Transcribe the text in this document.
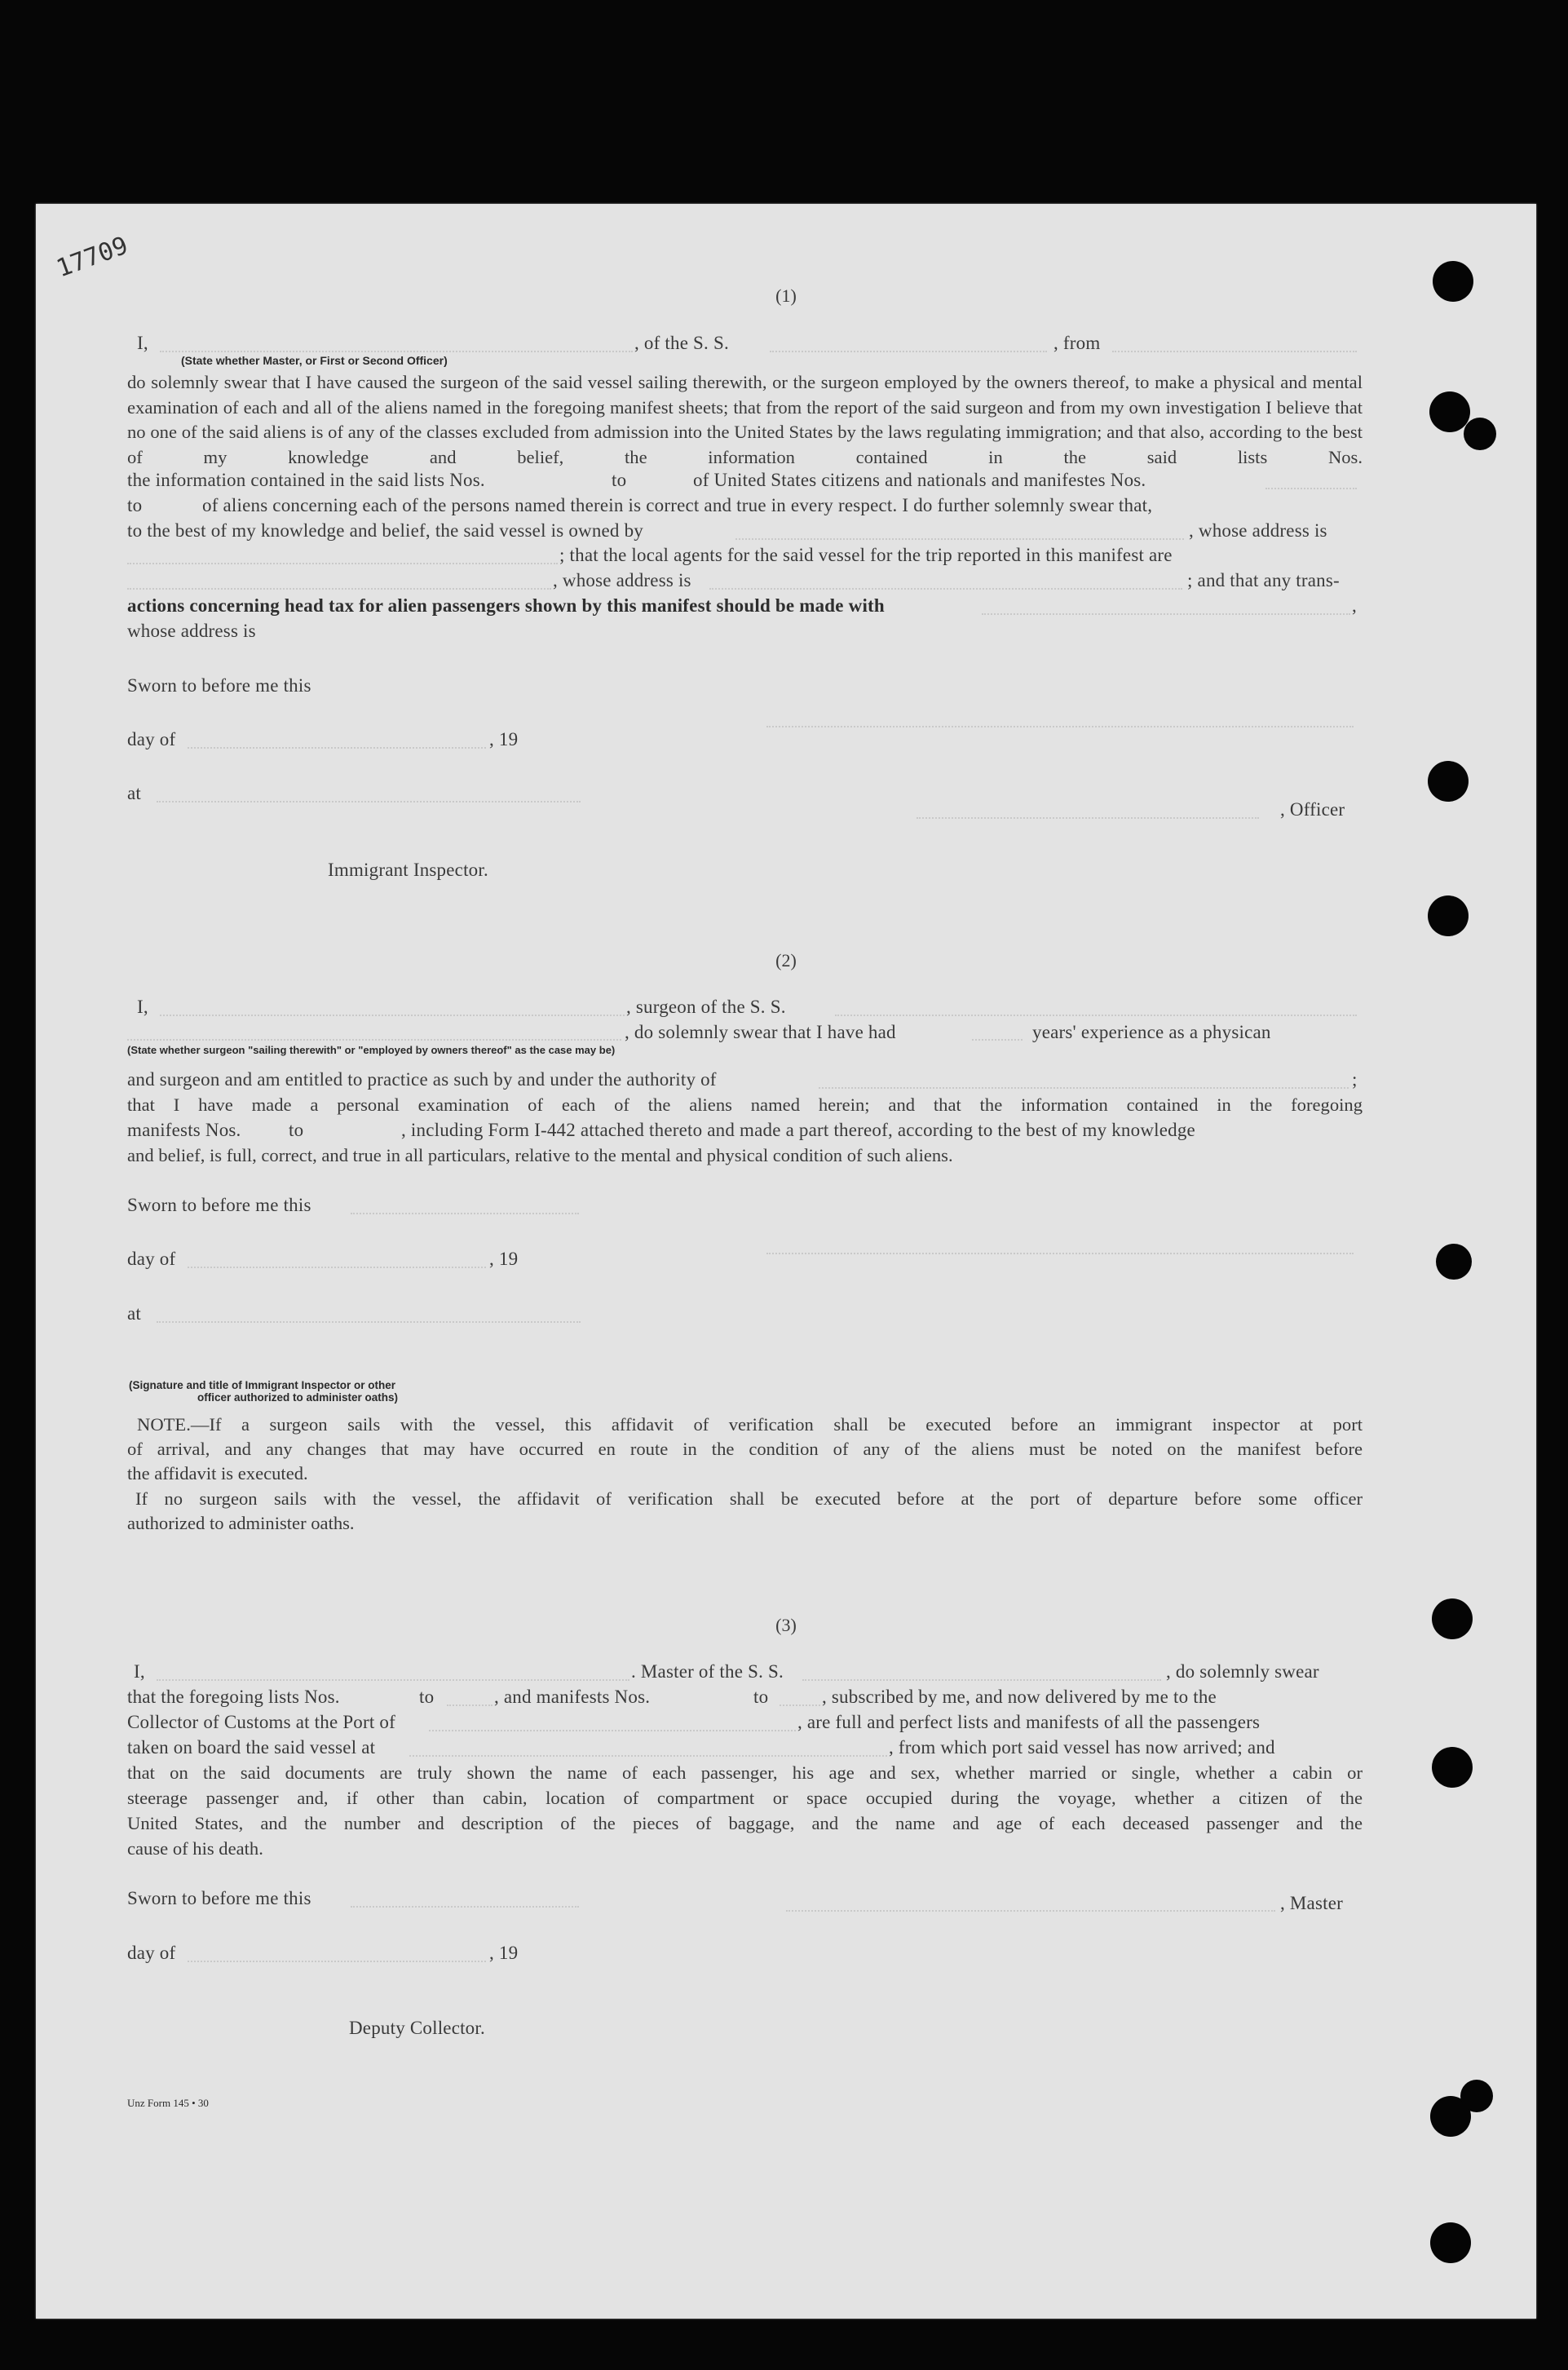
17709
(1)
I,	, of the S. S.	, from
(State whether Master, or First or Second Officer)
do solemnly swear that I have caused the surgeon of the said vessel sailing therewith, or the surgeon employed by the owners thereof, to make a physical and mental examination of each and all of the aliens named in the foregoing manifest sheets; that from the report of the said surgeon and from my own investigation I believe that no one of the said aliens is of any of the classes excluded from admission into the United States by the laws regulating immigration; and that also, according to the best of my knowledge and belief, the information contained in the said lists Nos.
the information contained in the said lists Nos.	to	of United States citizens and nationals and manifestes Nos.
to	of aliens concerning each of the persons named therein is correct and true in every respect. I do further solemnly swear that,
to the best of my knowledge and belief, the said vessel is owned by	, whose address is
; that the local agents for the said vessel for the trip reported in this manifest are
, whose address is	; and that any trans-
actions concerning head tax for alien passengers shown by this manifest should be made with	,
whose address is
Sworn to before me this
day of	, 19
at
, Officer
Immigrant Inspector.
(2)
I,	, surgeon of the S. S.
, do solemnly swear that I have had	years' experience as a physican
(State whether surgeon "sailing therewith" or "employed by owners thereof" as the case may be)
and surgeon and am entitled to practice as such by and under the authority of	;
that I have made a personal examination of each of the aliens named herein; and that the information contained in the foregoing
manifests Nos.	to	, including Form I-442 attached thereto and made a part thereof, according to the best of my knowledge
and belief, is full, correct, and true in all particulars, relative to the mental and physical condition of such aliens.
Sworn to before me this
day of	, 19
at
(Signature and title of Immigrant Inspector or other
officer authorized to administer oaths)
NOTE.—If a surgeon sails with the vessel, this affidavit of verification shall be executed before an immigrant inspector at port
of arrival, and any changes that may have occurred en route in the condition of any of the aliens must be noted on the manifest before
the affidavit is executed.
If no surgeon sails with the vessel, the affidavit of verification shall be executed before at the port of departure before some officer
authorized to administer oaths.
(3)
I,	. Master of the S. S.	, do solemnly swear
that the foregoing lists Nos.	to	, and manifests Nos.	to	, subscribed by me, and now delivered by me to the
Collector of Customs at the Port of	, are full and perfect lists and manifests of all the passengers
taken on board the said vessel at	, from which port said vessel has now arrived; and
that on the said documents are truly shown the name of each passenger, his age and sex, whether married or single, whether a cabin or
steerage passenger and, if other than cabin, location of compartment or space occupied during the voyage, whether a citizen of the
United States, and the number and description of the pieces of baggage, and the name and age of each deceased passenger and the
cause of his death.
Sworn to before me this	, Master
day of	, 19
Deputy Collector.
Unz Form 145 • 30
